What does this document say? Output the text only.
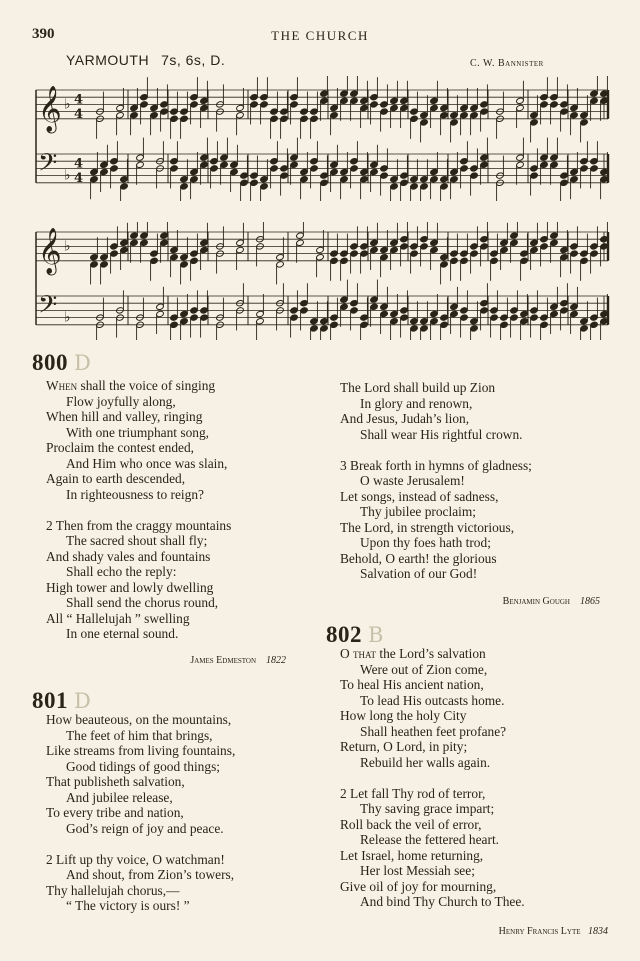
390	THE CHURCH
YARMOUTH 7s, 6s, D.	C. W. Bannister
𝄞 ♭ 4
4
𝄢 ♭
4
4
𝄞 ♭
𝄢 ♭
800 D
When shall the voice of singing
Flow joyfully along,
When hill and valley, ringing
With one triumphant song,
Proclaim the contest ended,
And Him who once was slain,
Again to earth descended,
In righteousness to reign?
2 Then from the craggy mountains
The sacred shout shall fly;
And shady vales and fountains
Shall echo the reply:
High tower and lowly dwelling
Shall send the chorus round,
All “ Hallelujah ” swelling
In one eternal sound.
James Edmeston 1822
801 D
How beauteous, on the mountains,
The feet of him that brings,
Like streams from living fountains,
Good tidings of good things;
That publisheth salvation,
And jubilee release,
To every tribe and nation,
God’s reign of joy and peace.
2 Lift up thy voice, O watchman!
And shout, from Zion’s towers,
Thy hallelujah chorus,—
“ The victory is ours! ”
The Lord shall build up Zion
In glory and renown,
And Jesus, Judah’s lion,
Shall wear His rightful crown.
3 Break forth in hymns of gladness;
O waste Jerusalem!
Let songs, instead of sadness,
Thy jubilee proclaim;
The Lord, in strength victorious,
Upon thy foes hath trod;
Behold, O earth! the glorious
Salvation of our God!
Benjamin Gough 1865
802 B
O that the Lord’s salvation
Were out of Zion come,
To heal His ancient nation,
To lead His outcasts home.
How long the holy City
Shall heathen feet profane?
Return, O Lord, in pity;
Rebuild her walls again.
2 Let fall Thy rod of terror,
Thy saving grace impart;
Roll back the veil of error,
Release the fettered heart.
Let Israel, home returning,
Her lost Messiah see;
Give oil of joy for mourning,
And bind Thy Church to Thee.
Henry Francis Lyte 1834
